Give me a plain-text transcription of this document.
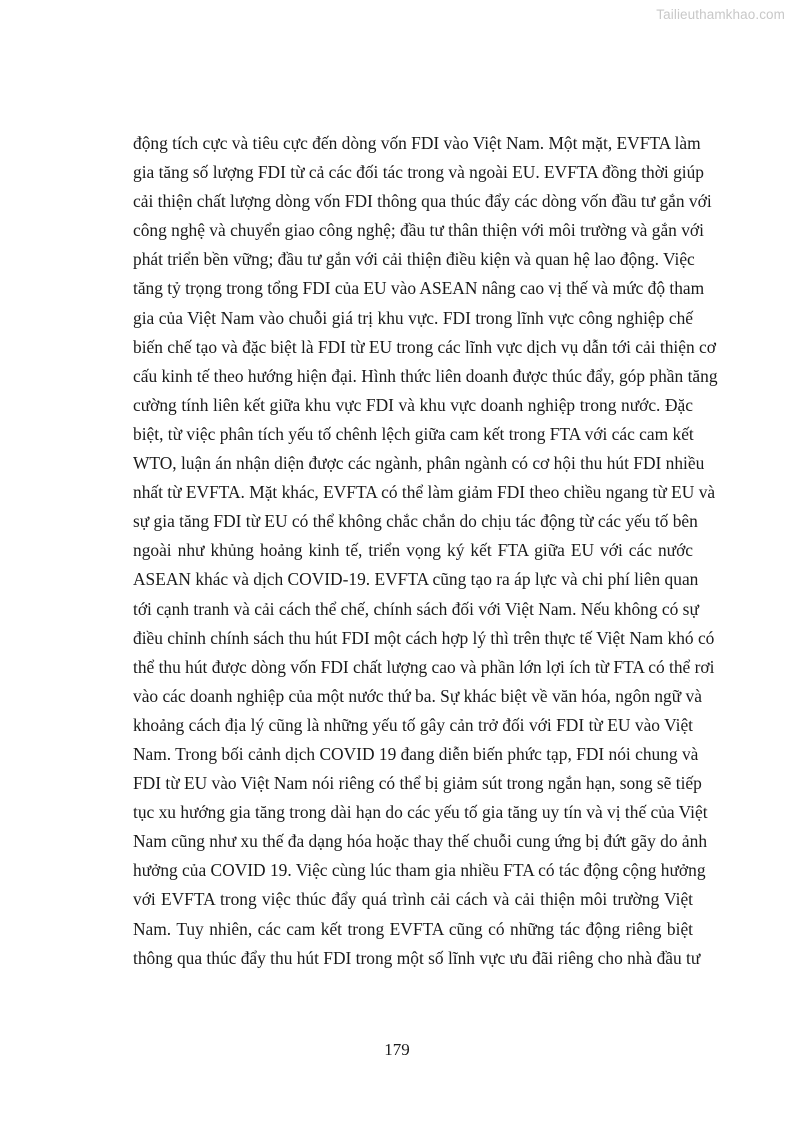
Tailieuthamkhao.com
động tích cực và tiêu cực đến dòng vốn FDI vào Việt Nam. Một mặt, EVFTA làm
gia tăng số lượng FDI từ cả các đối tác trong và ngoài EU. EVFTA đồng thời giúp
cải thiện chất lượng dòng vốn FDI thông qua thúc đẩy các dòng vốn đầu tư gắn với
công nghệ và chuyển giao công nghệ; đầu tư thân thiện với môi trường và gắn với
phát triển bền vững; đầu tư gắn với cải thiện điều kiện và quan hệ lao động. Việc
tăng tỷ trọng trong tổng FDI của EU vào ASEAN nâng cao vị thế và mức độ tham
gia của Việt Nam vào chuỗi giá trị khu vực. FDI trong lĩnh vực công nghiệp chế
biến chế tạo và đặc biệt là FDI từ EU trong các lĩnh vực dịch vụ dẫn tới cải thiện cơ
cấu kinh tế theo hướng hiện đại. Hình thức liên doanh được thúc đẩy, góp phần tăng
cường tính liên kết giữa khu vực FDI và khu vực doanh nghiệp trong nước. Đặc
biệt, từ việc phân tích yếu tố chênh lệch giữa cam kết trong FTA với các cam kết
WTO, luận án nhận diện được các ngành, phân ngành có cơ hội thu hút FDI nhiều
nhất từ EVFTA. Mặt khác, EVFTA có thể làm giảm FDI theo chiều ngang từ EU và
sự gia tăng FDI từ EU có thể không chắc chắn do chịu tác động từ các yếu tố bên
ngoài như khủng hoảng kinh tế, triển vọng ký kết FTA giữa EU với các nước
ASEAN khác và dịch COVID-19. EVFTA cũng tạo ra áp lực và chi phí liên quan
tới cạnh tranh và cải cách thể chế, chính sách đối với Việt Nam. Nếu không có sự
điều chỉnh chính sách thu hút FDI một cách hợp lý thì trên thực tế Việt Nam khó có
thể thu hút được dòng vốn FDI chất lượng cao và phần lớn lợi ích từ FTA có thể rơi
vào các doanh nghiệp của một nước thứ ba. Sự khác biệt về văn hóa, ngôn ngữ và
khoảng cách địa lý cũng là những yếu tố gây cản trở đối với FDI từ EU vào Việt
Nam. Trong bối cảnh dịch COVID 19 đang diễn biến phức tạp, FDI nói chung và
FDI từ EU vào Việt Nam nói riêng có thể bị giảm sút trong ngắn hạn, song sẽ tiếp
tục xu hướng gia tăng trong dài hạn do các yếu tố gia tăng uy tín và vị thế của Việt
Nam cũng như xu thế đa dạng hóa hoặc thay thế chuỗi cung ứng bị đứt gãy do ảnh
hưởng của COVID 19. Việc cùng lúc tham gia nhiều FTA có tác động cộng hưởng
với EVFTA trong việc thúc đẩy quá trình cải cách và cải thiện môi trường Việt
Nam. Tuy nhiên, các cam kết trong EVFTA cũng có những tác động riêng biệt
thông qua thúc đẩy thu hút FDI trong một số lĩnh vực ưu đãi riêng cho nhà đầu tư
179
